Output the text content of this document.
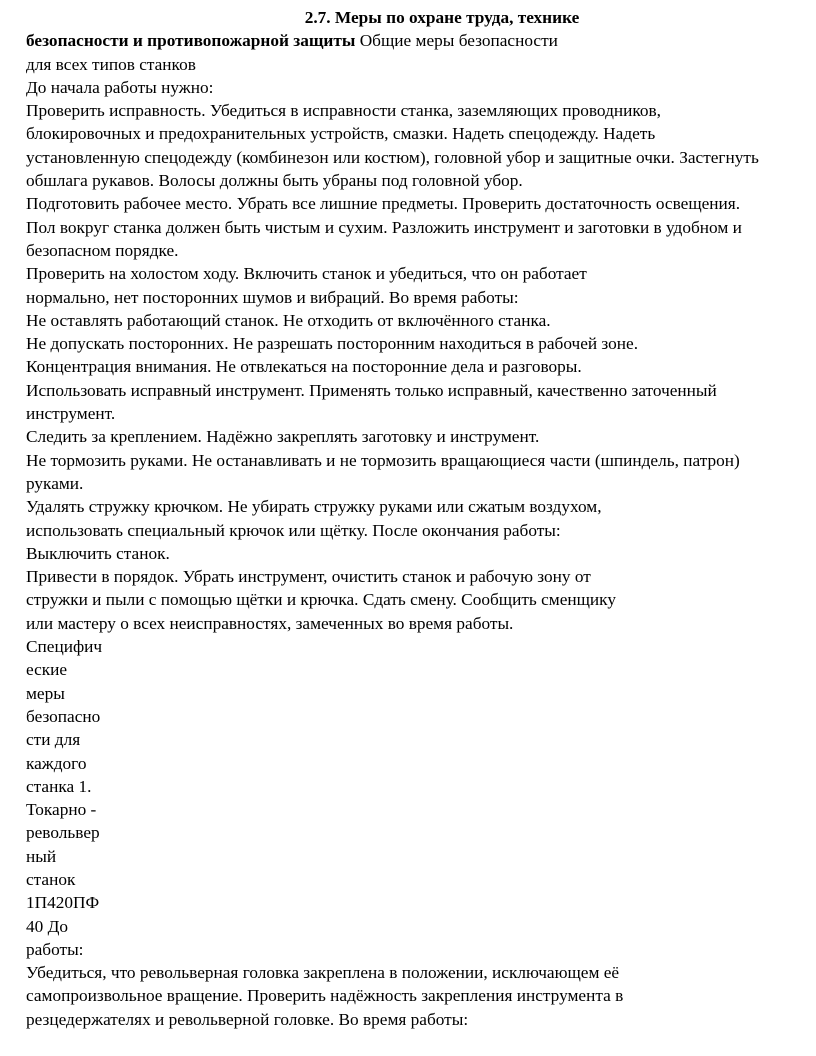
2.7. Меры по охране труда, технике

безопасности и противопожарной защиты Общие меры безопасности

для всех типов станков

До начала работы нужно:

Проверить исправность. Убедиться в исправности станка, заземляющих проводников,

блокировочных и предохранительных устройств, смазки. Надеть спецодежду. Надеть

установленную спецодежду (комбинезон или костюм), головной убор и защитные очки. Застегнуть

обшлага рукавов. Волосы должны быть убраны под головной убор.

Подготовить рабочее место. Убрать все лишние предметы. Проверить достаточность освещения.

Пол вокруг станка должен быть чистым и сухим. Разложить инструмент и заготовки в удобном и

безопасном порядке.

Проверить на холостом ходу. Включить станок и убедиться, что он работает

нормально, нет посторонних шумов и вибраций. Во время работы:

Не оставлять работающий станок. Не отходить от включённого станка.

Не допускать посторонних. Не разрешать посторонним находиться в рабочей зоне.

Концентрация внимания. Не отвлекаться на посторонние дела и разговоры.

Использовать исправный инструмент. Применять только исправный, качественно заточенный

инструмент.

Следить за креплением. Надёжно закреплять заготовку и инструмент.

Не тормозить руками. Не останавливать и не тормозить вращающиеся части (шпиндель, патрон)

руками.

Удалять стружку крючком. Не убирать стружку руками или сжатым воздухом,

использовать специальный крючок или щётку. После окончания работы:

Выключить станок.

Привести в порядок. Убрать инструмент, очистить станок и рабочую зону от

стружки и пыли с помощью щётки и крючка. Сдать смену. Сообщить сменщику

или мастеру о всех неисправностях, замеченных во время работы.

Специфич

еские

меры

безопасно

сти для

каждого

станка 1.

Токарно -

револьвер

ный

станок

1П420ПФ

40 До

работы:

Убедиться, что револьверная головка закреплена в положении, исключающем её

самопроизвольное вращение. Проверить надёжность закрепления инструмента в

резцедержателях и револьверной головке. Во время работы:
